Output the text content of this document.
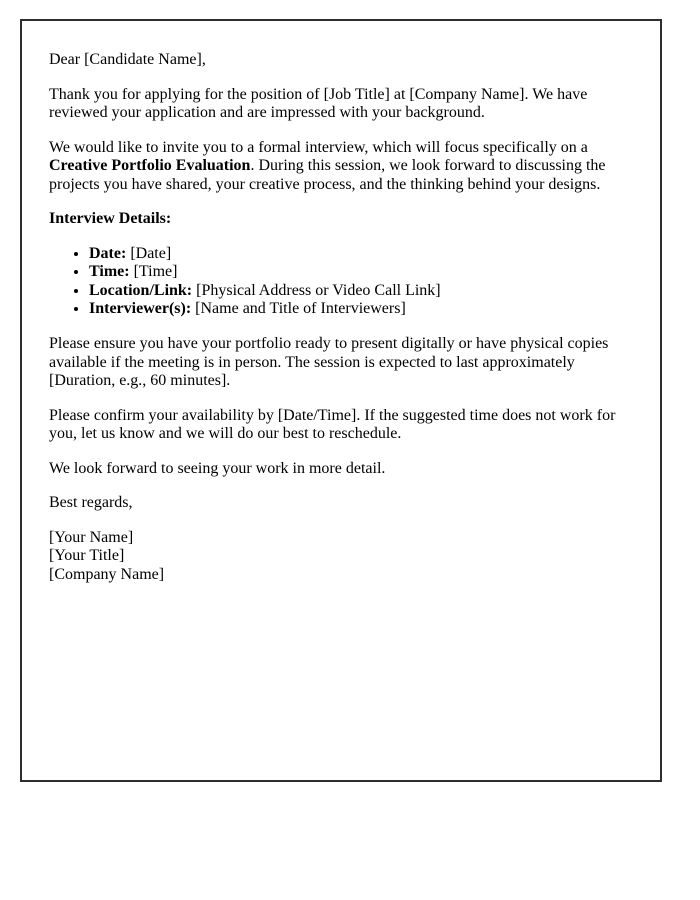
Dear [Candidate Name],

Thank you for applying for the position of [Job Title] at [Company Name]. We have reviewed your application and are impressed with your background.

We would like to invite you to a formal interview, which will focus specifically on a Creative Portfolio Evaluation. During this session, we look forward to discussing the projects you have shared, your creative process, and the thinking behind your designs.

Interview Details:

• Date: [Date]
• Time: [Time]
• Location/Link: [Physical Address or Video Call Link]
• Interviewer(s): [Name and Title of Interviewers]

Please ensure you have your portfolio ready to present digitally or have physical copies available if the meeting is in person. The session is expected to last approximately [Duration, e.g., 60 minutes].

Please confirm your availability by [Date/Time]. If the suggested time does not work for you, let us know and we will do our best to reschedule.

We look forward to seeing your work in more detail.

Best regards,

[Your Name]
[Your Title]
[Company Name]
